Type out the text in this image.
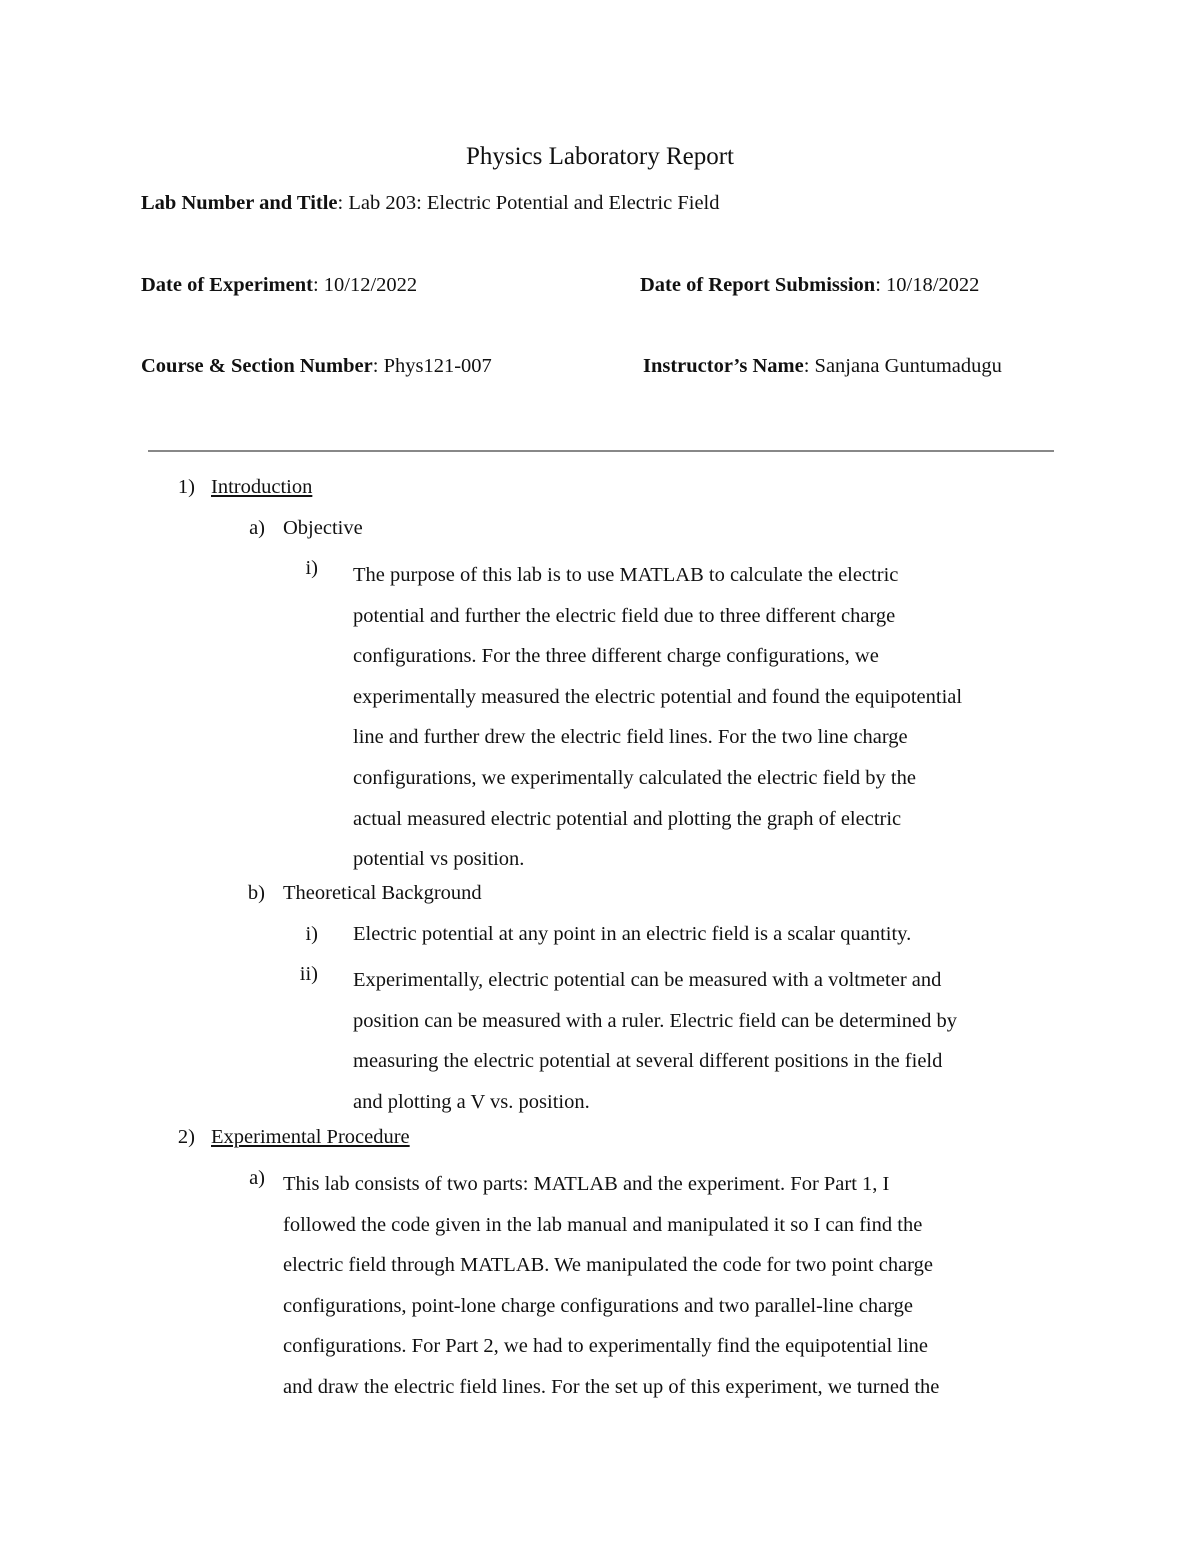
Physics Laboratory Report
Lab Number and Title: Lab 203: Electric Potential and Electric Field
Date of Experiment: 10/12/2022	Date of Report Submission: 10/18/2022
Course & Section Number: Phys121-007	Instructor’s Name: Sanjana Guntumadugu
1) Introduction
a) Objective
i) The purpose of this lab is to use MATLAB to calculate the electric
potential and further the electric field due to three different charge
configurations. For the three different charge configurations, we
experimentally measured the electric potential and found the equipotential
line and further drew the electric field lines. For the two line charge
configurations, we experimentally calculated the electric field by the
actual measured electric potential and plotting the graph of electric
potential vs position.
b) Theoretical Background
i) Electric potential at any point in an electric field is a scalar quantity.
ii) Experimentally, electric potential can be measured with a voltmeter and
position can be measured with a ruler. Electric field can be determined by
measuring the electric potential at several different positions in the field
and plotting a V vs. position.
2) Experimental Procedure
a) This lab consists of two parts: MATLAB and the experiment. For Part 1, I
followed the code given in the lab manual and manipulated it so I can find the
electric field through MATLAB. We manipulated the code for two point charge
configurations, point-lone charge configurations and two parallel-line charge
configurations. For Part 2, we had to experimentally find the equipotential line
and draw the electric field lines. For the set up of this experiment, we turned the
